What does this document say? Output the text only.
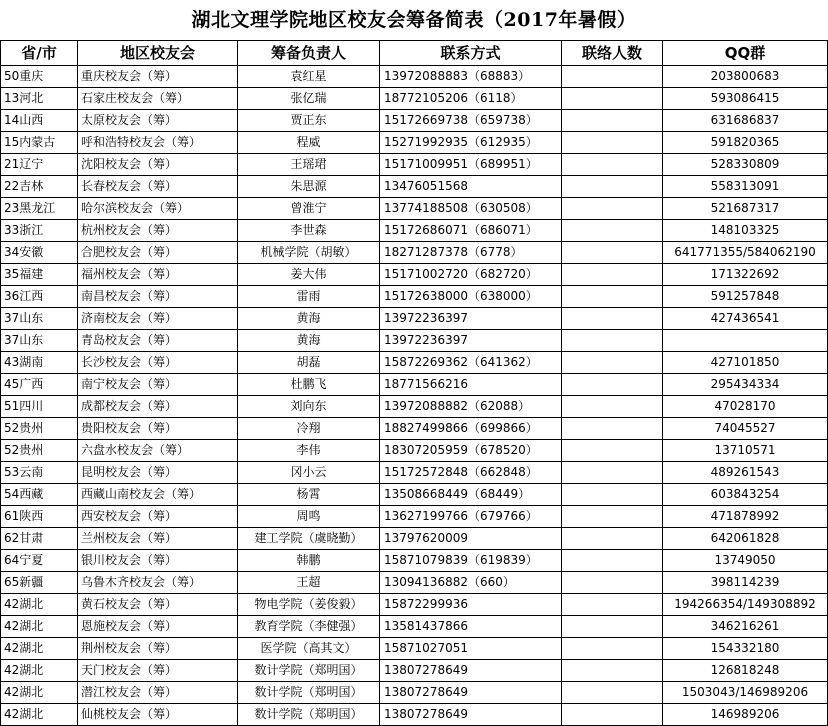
湖北文理学院地区校友会筹备简表（2017年暑假）
省/市	地区校友会	筹备负责人	联系方式	联络人数	QQ群
50重庆	重庆校友会（筹）	袁红星	13972088883（68883）		203800683
13河北	石家庄校友会（筹）	张亿瑞	18772105206（6118）		593086415
14山西	太原校友会（筹）	贾正东	15172669738（659738）		631686837
15内蒙古	呼和浩特校友会（筹）	程威	15271992935（612935）		591820365
21辽宁	沈阳校友会（筹）	王瑶珺	15171009951（689951）		528330809
22吉林	长春校友会（筹）	朱思源	13476051568		558313091
23黑龙江	哈尔滨校友会（筹）	曾淮宁	13774188508（630508）		521687317
33浙江	杭州校友会（筹）	李世森	15172686071（686071）		148103325
34安徽	合肥校友会（筹）	机械学院（胡敏）	18271287378（6778）		641771355/584062190
35福建	福州校友会（筹）	姜大伟	15171002720（682720）		171322692
36江西	南昌校友会（筹）	雷雨	15172638000（638000）		591257848
37山东	济南校友会（筹）	黄海	13972236397		427436541
37山东	青岛校友会（筹）	黄海	13972236397		
43湖南	长沙校友会（筹）	胡磊	15872269362（641362）		427101850
45广西	南宁校友会（筹）	杜鹏飞	18771566216		295434334
51四川	成都校友会（筹）	刘向东	13972088882（62088）		47028170
52贵州	贵阳校友会（筹）	冷翔	18827499866（699866）		74045527
52贵州	六盘水校友会（筹）	李伟	18307205959（678520）		13710571
53云南	昆明校友会（筹）	冈小云	15172572848（662848）		489261543
54西藏	西藏山南校友会（筹）	杨霄	13508668449（68449）		603843254
61陕西	西安校友会（筹）	周鸣	13627199766（679766）		471878992
62甘肃	兰州校友会（筹）	建工学院（虞晓勤）	13797620009		642061828
64宁夏	银川校友会（筹）	韩鹏	15871079839（619839）		13749050
65新疆	乌鲁木齐校友会（筹）	王超	13094136882（660）		398114239
42湖北	黄石校友会（筹）	物电学院（姜俊毅）	15872299936		194266354/149308892
42湖北	恩施校友会（筹）	教育学院（李健强）	13581437866		346216261
42湖北	荆州校友会（筹）	医学院（高其文）	15871027051		154332180
42湖北	天门校友会（筹）	数计学院（郑明国）	13807278649		126818248
42湖北	潜江校友会（筹）	数计学院（郑明国）	13807278649		1503043/146989206
42湖北	仙桃校友会（筹）	数计学院（郑明国）	13807278649		146989206
